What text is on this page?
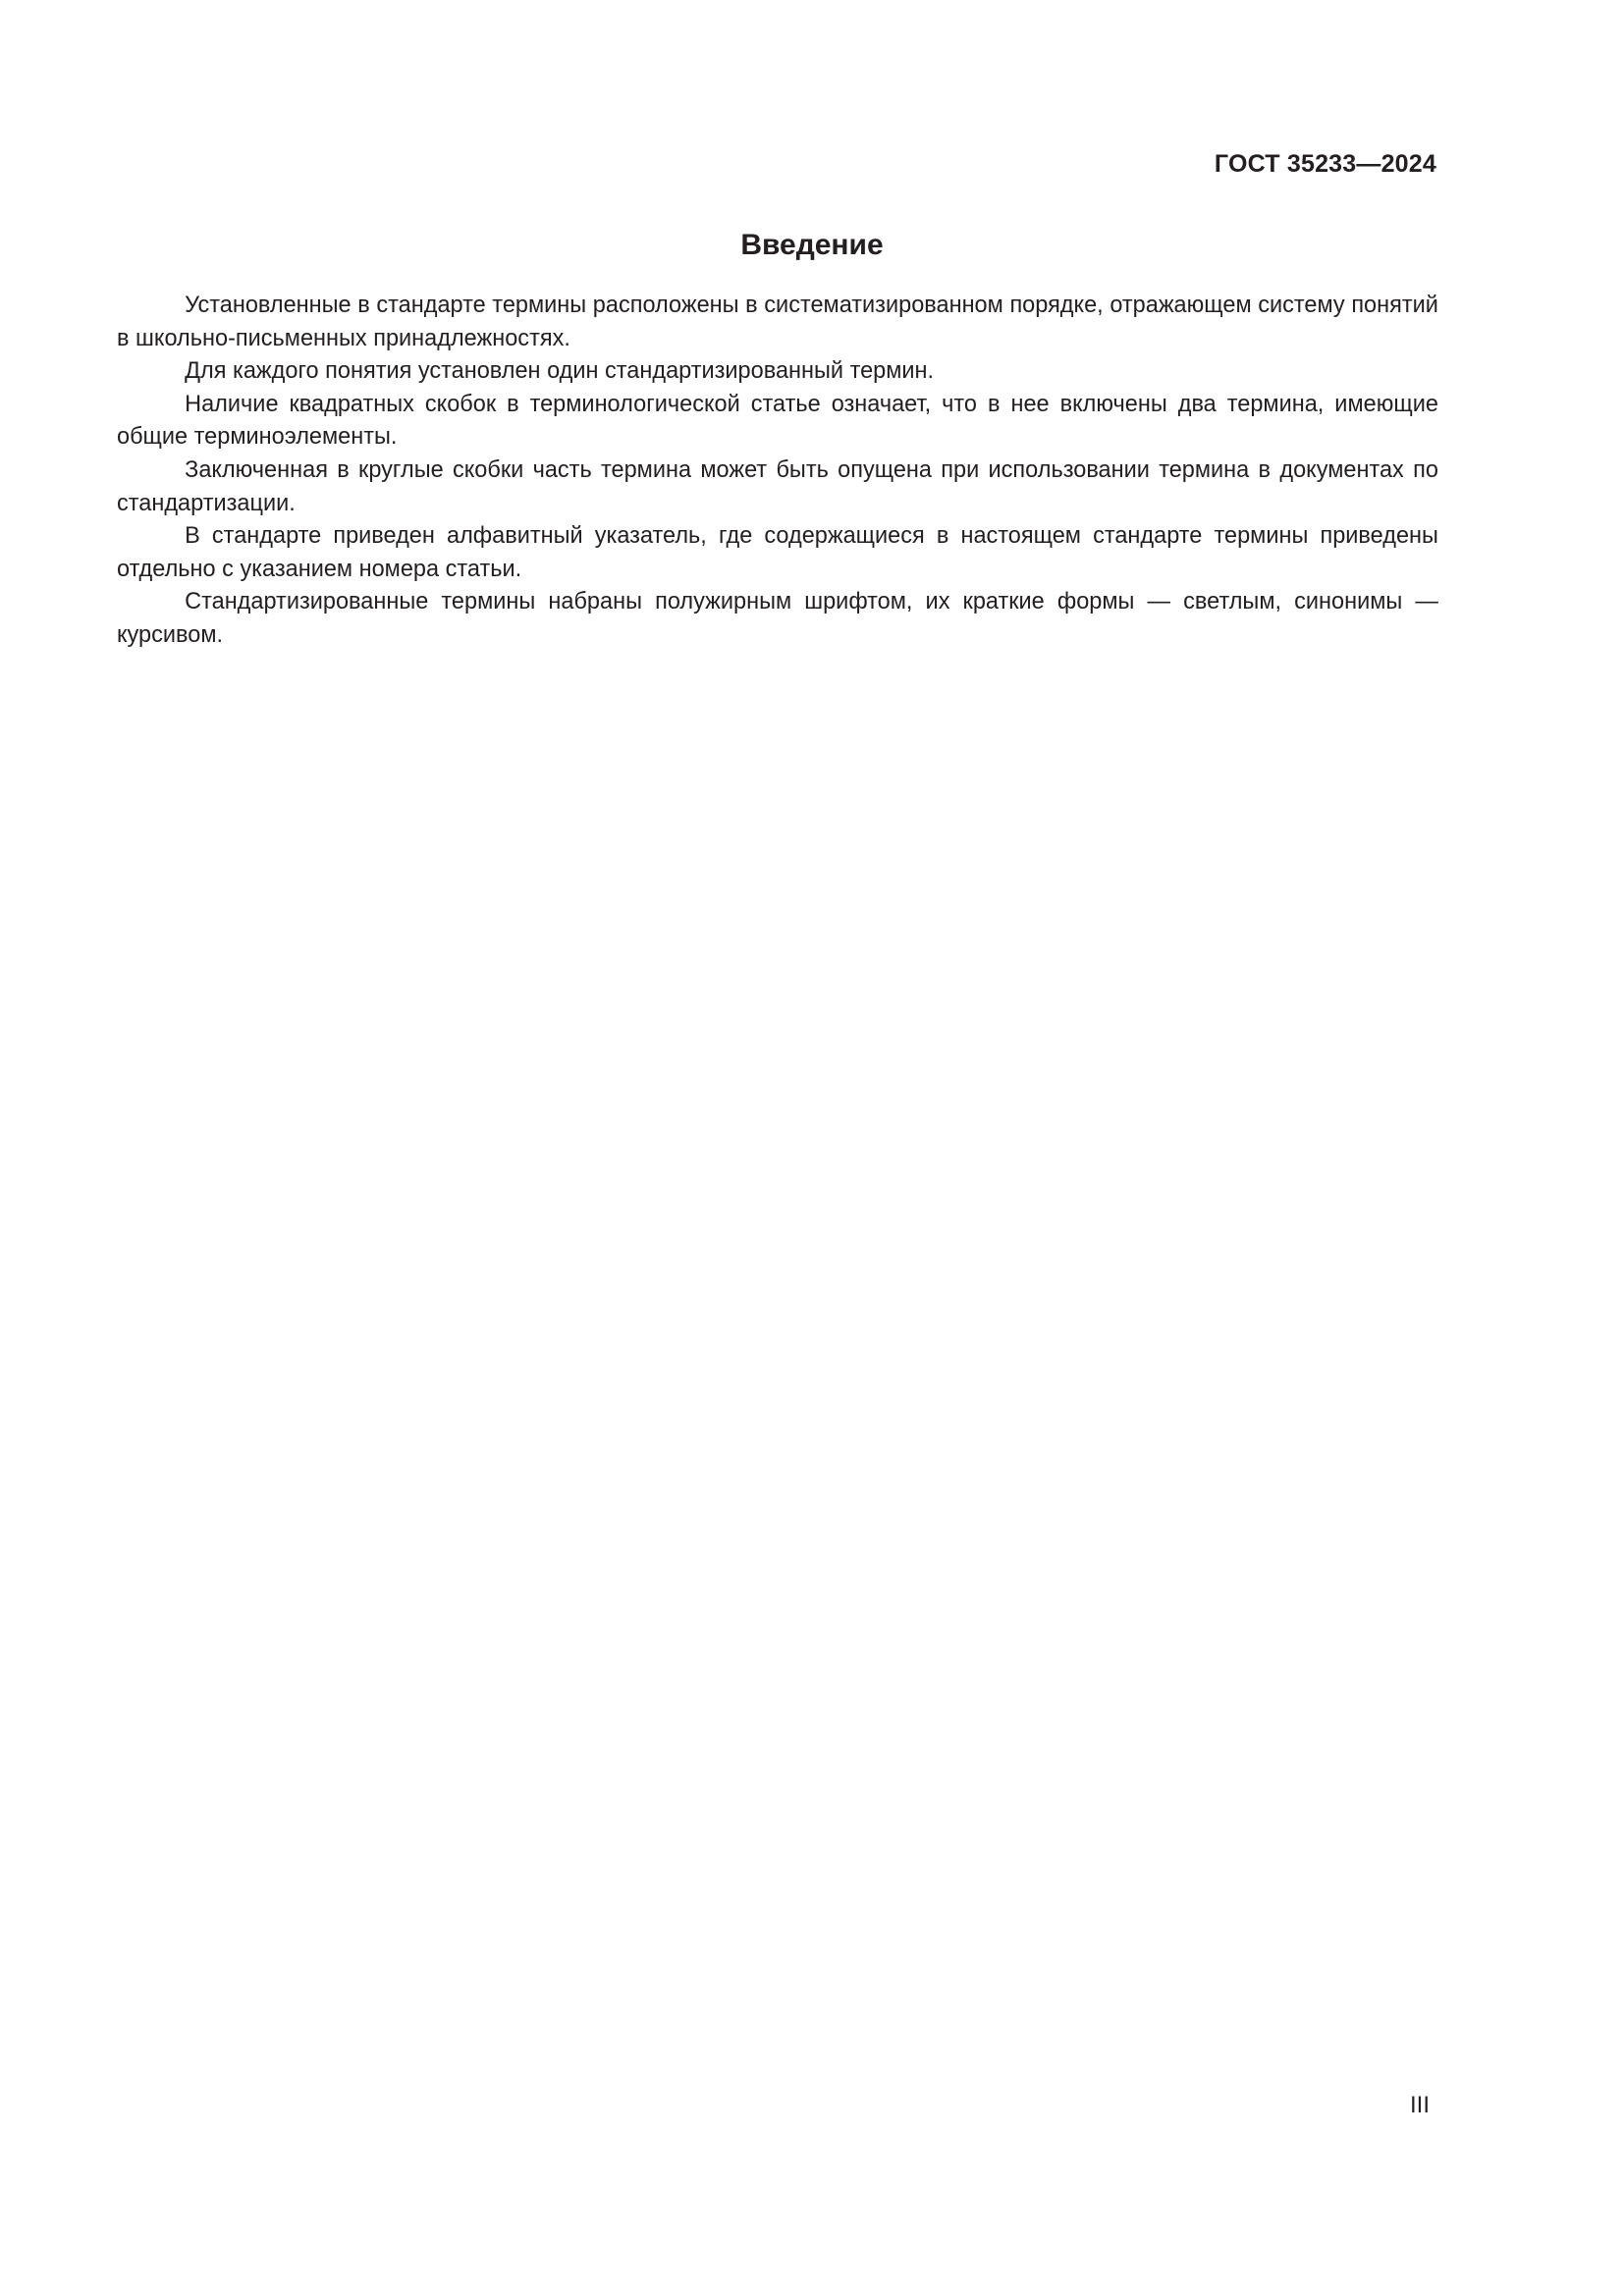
ГОСТ 35233—2024
Введение

Установленные в стандарте термины расположены в систематизированном порядке, отражающем систему понятий в школьно-письменных принадлежностях.

Для каждого понятия установлен один стандартизированный термин.

Наличие квадратных скобок в терминологической статье означает, что в нее включены два термина, имеющие общие терминоэлементы.

Заключенная в круглые скобки часть термина может быть опущена при использовании термина в документах по стандартизации.

В стандарте приведен алфавитный указатель, где содержащиеся в настоящем стандарте термины приведены отдельно с указанием номера статьи.

Стандартизированные термины набраны полужирным шрифтом, их краткие формы — светлым, синонимы — курсивом.

III
